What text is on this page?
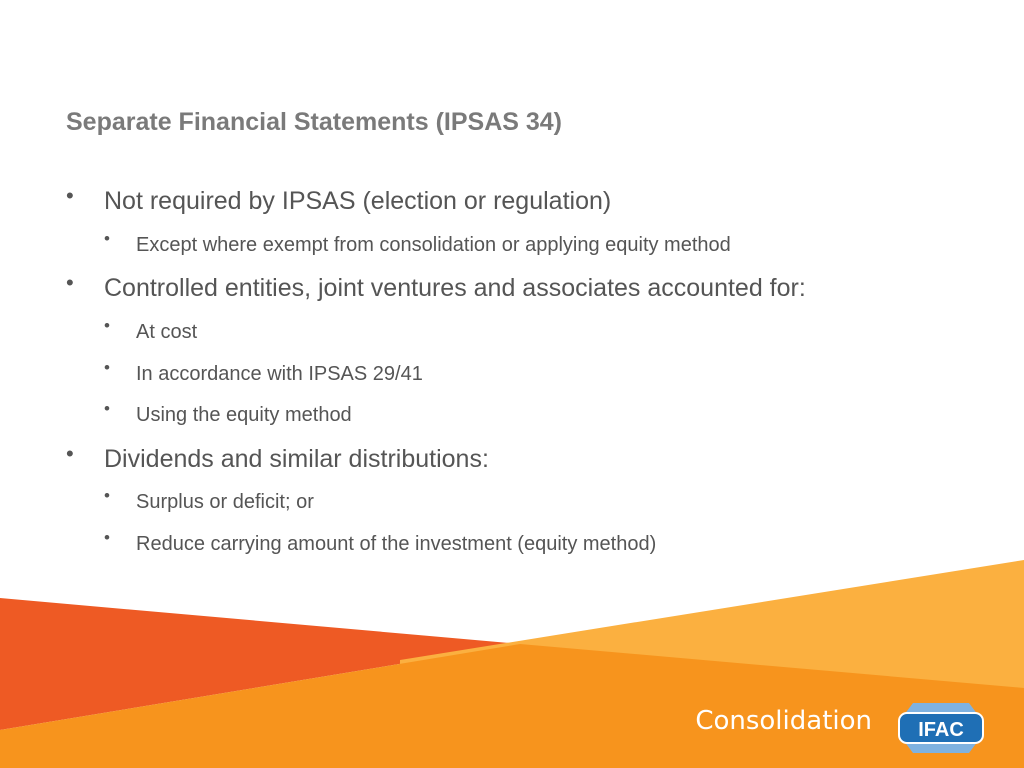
Separate Financial Statements (IPSAS 34)
• Not required by IPSAS (election or regulation)
• Except where exempt from consolidation or applying equity method
• Controlled entities, joint ventures and associates accounted for:
• At cost
• In accordance with IPSAS 29/41
• Using the equity method
• Dividends and similar distributions:
• Surplus or deficit; or
• Reduce carrying amount of the investment (equity method)
Consolidation IFAC
